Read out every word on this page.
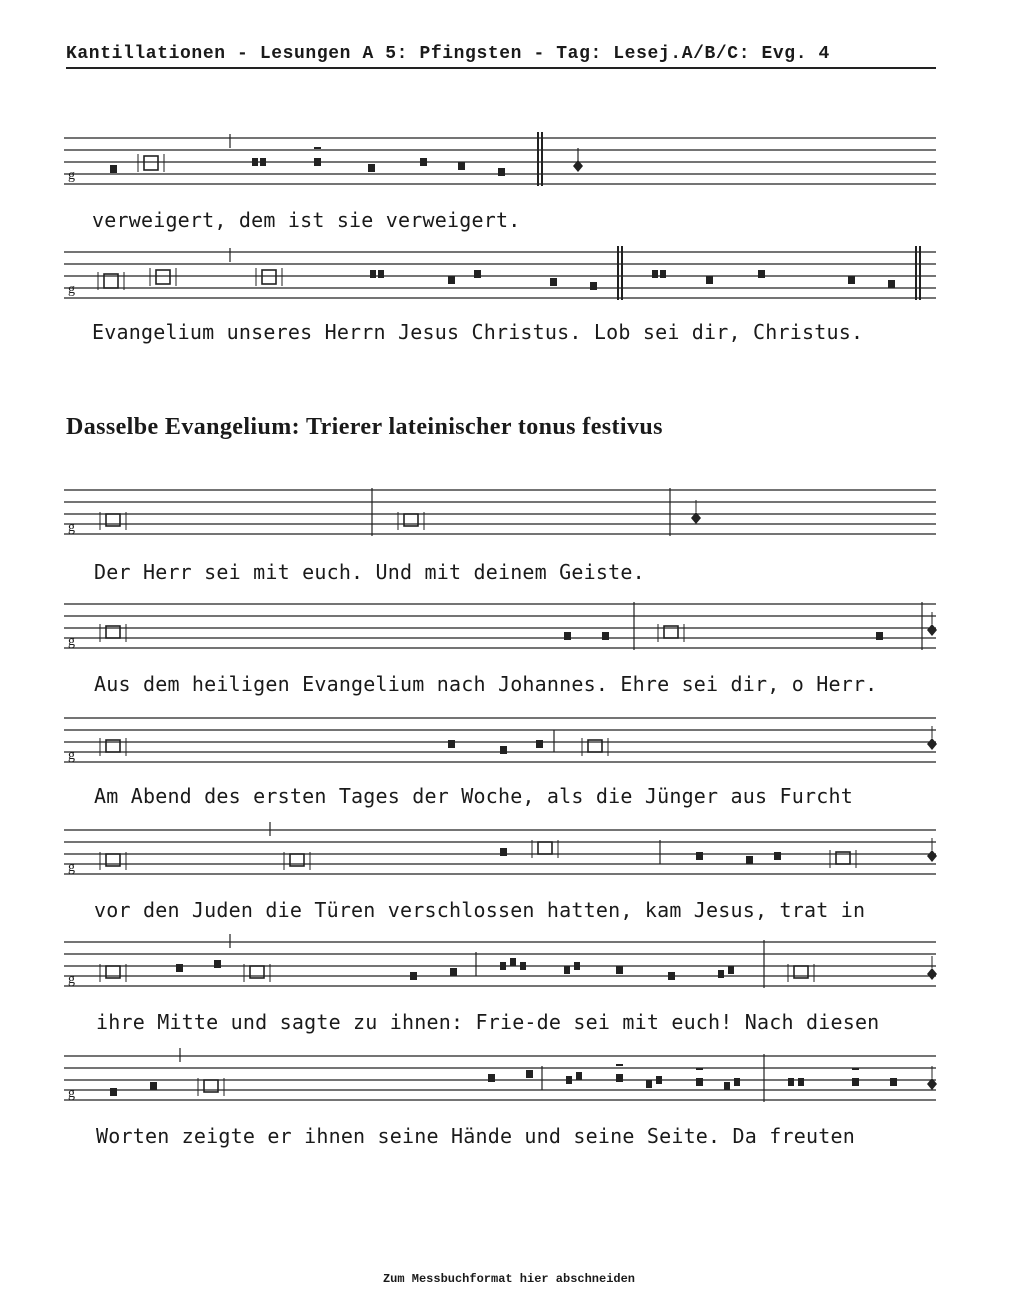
Kantillationen - Lesungen A 5: Pfingsten - Tag: Lesej.A/B/C: Evg. 4
g
verweigert, dem ist sie verweigert.
g
Evangelium unseres Herrn Jesus Christus. Lob sei dir, Christus.
Dasselbe Evangelium: Trierer lateinischer tonus festivus
g
Der Herr sei mit euch. Und mit deinem Geiste.
g
Aus dem heiligen Evangelium nach Johannes. Ehre sei dir, o Herr.
g
Am Abend des ersten Tages der Woche, als die Jünger aus Furcht
g
vor den Juden die Türen verschlossen hatten, kam Jesus, trat in
g
ihre Mitte und sagte zu ihnen: Frie-de sei mit euch! Nach diesen
g
Worten zeigte er ihnen seine Hände und seine Seite. Da freuten
Zum Messbuchformat hier abschneiden
